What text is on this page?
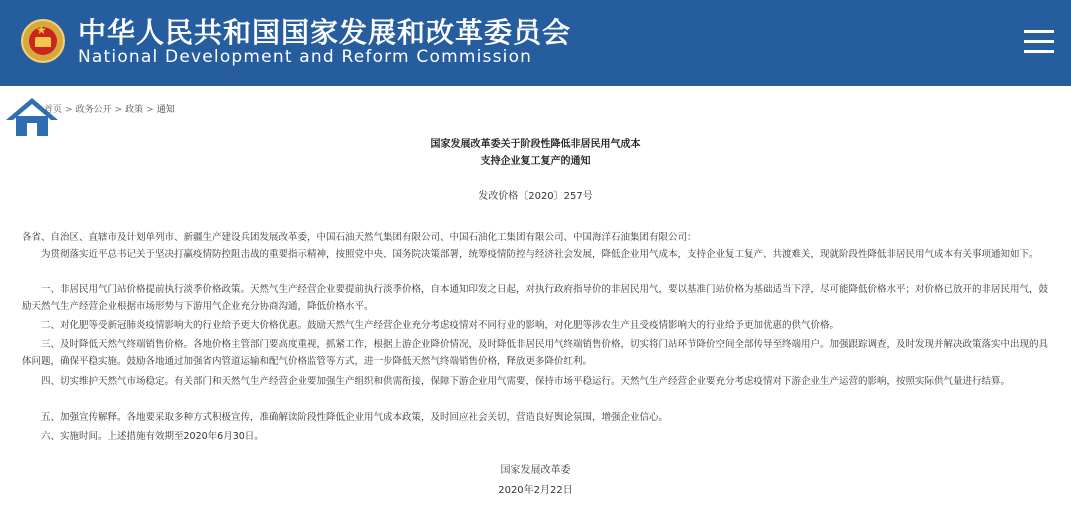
★ 中华人民共和国国家发展和改革委员会
National Development and Reform Commission
首页 > 政务公开 > 政策 > 通知
国家发展改革委关于阶段性降低非居民用气成本
支持企业复工复产的通知
发改价格〔2020〕257号

各省、自治区、直辖市及计划单列市、新疆生产建设兵团发展改革委，中国石油天然气集团有限公司、中国石油化工集团有限公司、中国海洋石油集团有限公司：

为贯彻落实近平总书记关于坚决打赢疫情防控阻击战的重要指示精神，按照党中央、国务院决策部署，统筹疫情防控与经济社会发展，降低企业用气成本，支持企业复工复产、共渡难关，现就阶段性降低非居民用气成本有关事项通知如下。

一、非居民用气门站价格提前执行淡季价格政策。天然气生产经营企业要提前执行淡季价格，自本通知印发之日起，对执行政府指导价的非居民用气，要以基准门站价格为基础适当下浮，尽可能降低价格水平；对价格已放开的非居民用气，鼓励天然气生产经营企业根据市场形势与下游用气企业充分协商沟通，降低价格水平。

二、对化肥等受新冠肺炎疫情影响大的行业给予更大价格优惠。鼓励天然气生产经营企业充分考虑疫情对不同行业的影响，对化肥等涉农生产且受疫情影响大的行业给予更加优惠的供气价格。

三、及时降低天然气终端销售价格。各地价格主管部门要高度重视，抓紧工作，根据上游企业降价情况，及时降低非居民用气终端销售价格，切实将门站环节降价空间全部传导至终端用户。加强跟踪调查，及时发现并解决政策落实中出现的具体问题，确保平稳实施。鼓励各地通过加强省内管道运输和配气价格监管等方式，进一步降低天然气终端销售价格，释放更多降价红利。

四、切实维护天然气市场稳定。有关部门和天然气生产经营企业要加强生产组织和供需衔接，保障下游企业用气需要，保持市场平稳运行。天然气生产经营企业要充分考虑疫情对下游企业生产运营的影响，按照实际供气量进行结算。

五、加强宣传解释。各地要采取多种方式积极宣传，准确解读阶段性降低企业用气成本政策，及时回应社会关切，营造良好舆论氛围，增强企业信心。

六、实施时间。上述措施有效期至2020年6月30日。

国家发展改革委
2020年2月22日
